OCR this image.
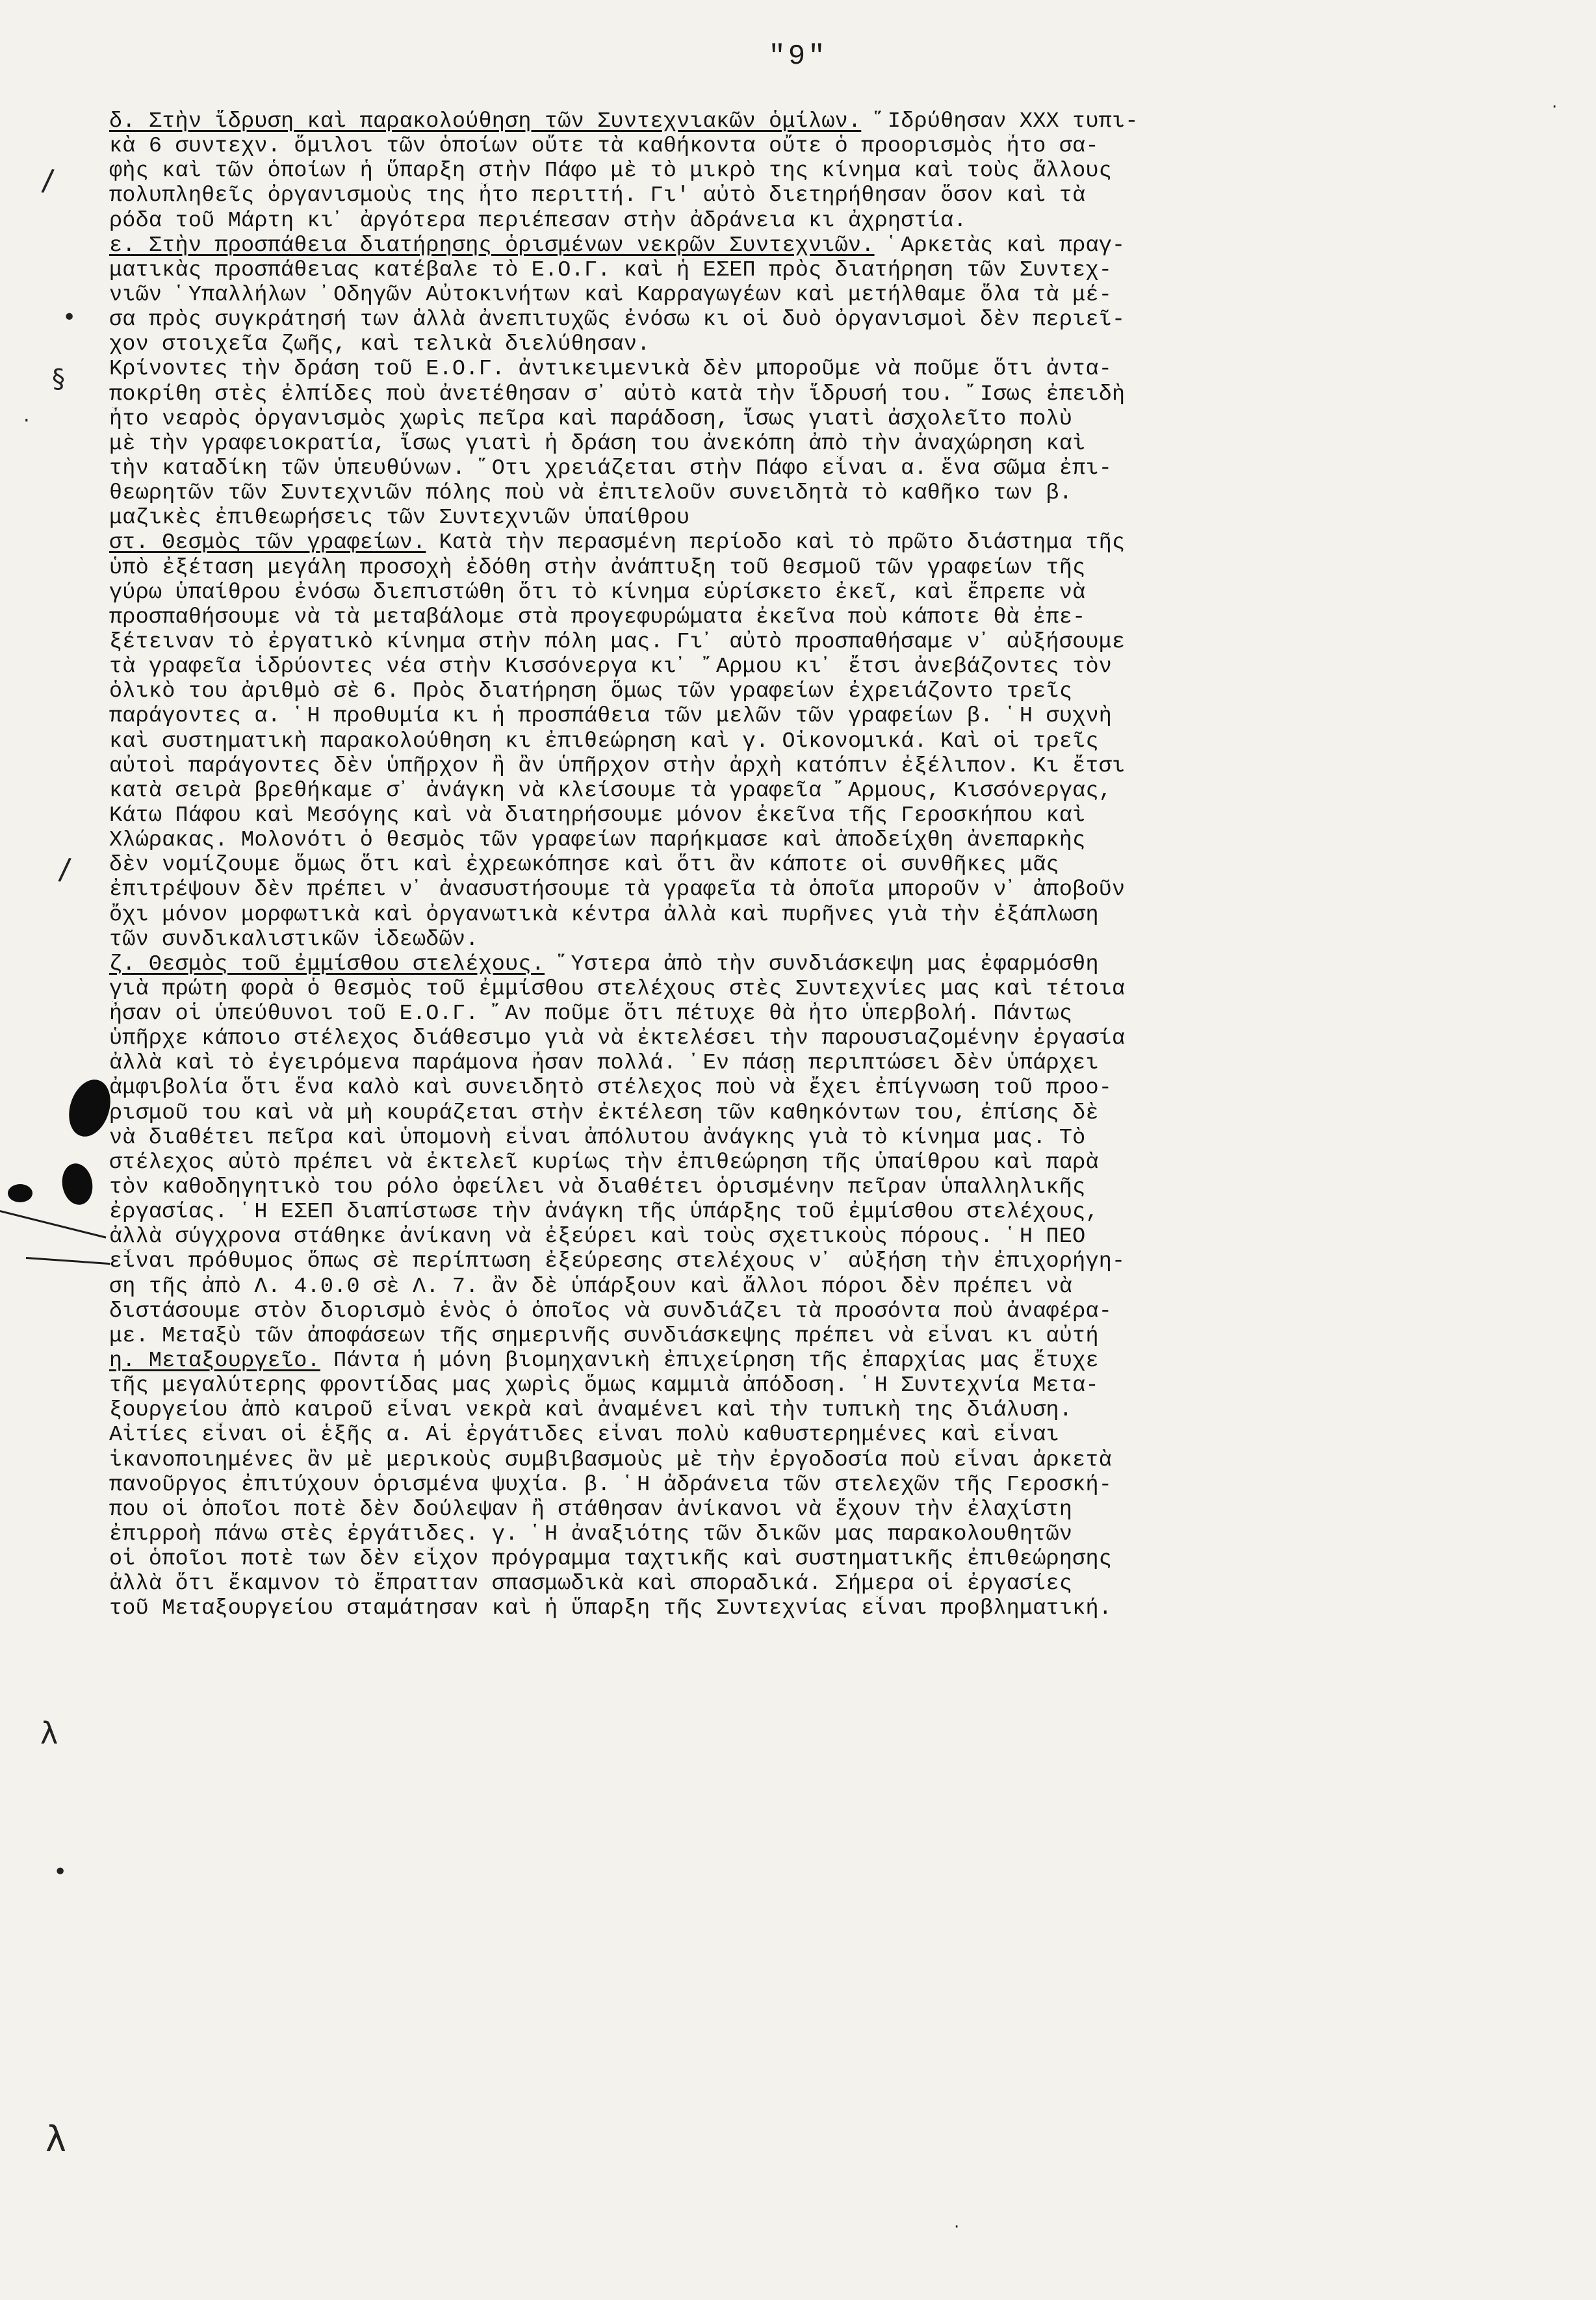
"9"
δ. Στὴν ἵδρυση καὶ παρακολούθηση τῶν Συντεχνιακῶν ὁμίλων. ῞Ιδρύθησαν ΧΧΧ τυπι-
κὰ 6 συντεχν. ὅμιλοι τῶν ὁποίων οὔτε τὰ καθήκοντα οὔτε ὁ προορισμὸς ἦτο σα-
φὴς καὶ τῶν ὁποίων ἡ ὕπαρξη στὴν Πάφο μὲ τὸ μικρὸ της κίνημα καὶ τοὺς ἄλλους
πολυπληθεῖς ὀργανισμοὺς της ἦτο περιττή. Γι' αὐτὸ διετηρήθησαν ὅσον καὶ τὰ
ρόδα τοῦ Μάρτη κι᾽ ἀργότερα περιέπεσαν στὴν ἀδράνεια κι ἀχρηστία.
ε. Στὴν προσπάθεια διατήρησης ὁρισμένων νεκρῶν Συντεχνιῶν. ῾Αρκετὰς καὶ πραγ-
ματικὰς προσπάθειας κατέβαλε τὸ Ε.Ο.Γ. καὶ ἡ ΕΣΕΠ πρὸς διατήρηση τῶν Συντεχ-
νιῶν ῾Υπαλλήλων ᾽Οδηγῶν Αὐτοκινήτων καὶ Καρραγωγέων καὶ μετήλθαμε ὅλα τὰ μέ-
σα πρὸς συγκράτησή των ἀλλὰ ἀνεπιτυχῶς ἐνόσω κι οἱ δυὸ ὀργανισμοὶ δὲν περιεῖ-
χον στοιχεῖα ζωῆς, καὶ τελικὰ διελύθησαν.
Κρίνοντες τὴν δράση τοῦ Ε.Ο.Γ. ἀντικειμενικὰ δὲν μποροῦμε νὰ ποῦμε ὅτι ἀντα-
ποκρίθη στὲς ἐλπίδες ποὺ ἀνετέθησαν σ᾽ αὐτὸ κατὰ τὴν ἵδρυσή του. ῎Ισως ἐπειδὴ
ἦτο νεαρὸς ὀργανισμὸς χωρὶς πεῖρα καὶ παράδοση, ἴσως γιατὶ ἀσχολεῖτο πολὺ
μὲ τὴν γραφειοκρατία, ἴσως γιατὶ ἡ δράση του ἀνεκόπη ἀπὸ τὴν ἀναχώρηση καὶ
τὴν καταδίκη τῶν ὑπευθύνων. ῞Οτι χρειάζεται στὴν Πάφο εἶναι α. ἕνα σῶμα ἐπι-
θεωρητῶν τῶν Συντεχνιῶν πόλης ποὺ νὰ ἐπιτελοῦν συνειδητὰ τὸ καθῆκο των β.
μαζικὲς ἐπιθεωρήσεις τῶν Συντεχνιῶν ὑπαίθρου
στ. Θεσμὸς τῶν γραφείων. Κατὰ τὴν περασμένη περίοδο καὶ τὸ πρῶτο διάστημα τῆς
ὑπὸ ἐξέταση μεγάλη προσοχὴ ἐδόθη στὴν ἀνάπτυξη τοῦ θεσμοῦ τῶν γραφείων τῆς
γύρω ὑπαίθρου ἐνόσω διεπιστώθη ὅτι τὸ κίνημα εὑρίσκετο ἐκεῖ, καὶ ἔπρεπε νὰ
προσπαθήσουμε νὰ τὰ μεταβάλομε στὰ προγεφυρώματα ἐκεῖνα ποὺ κάποτε θὰ ἐπε-
ξέτειναν τὸ ἐργατικὸ κίνημα στὴν πόλη μας. Γι᾽ αὐτὸ προσπαθήσαμε ν᾽ αὐξήσουμε
τὰ γραφεῖα ἱδρύοντες νέα στὴν Κισσόνεργα κι᾽ ῎Αρμου κι᾽ ἔτσι ἀνεβάζοντες τὸν
ὁλικὸ του ἀριθμὸ σὲ 6. Πρὸς διατήρηση ὅμως τῶν γραφείων ἐχρειάζοντο τρεῖς
παράγοντες α. ῾Η προθυμία κι ἡ προσπάθεια τῶν μελῶν τῶν γραφείων β. ῾Η συχνὴ
καὶ συστηματικὴ παρακολούθηση κι ἐπιθεώρηση καὶ γ. Οἰκονομικά. Καὶ οἱ τρεῖς
αὐτοὶ παράγοντες δὲν ὑπῆρχον ἢ ἂν ὑπῆρχον στὴν ἀρχὴ κατόπιν ἐξέλιπον. Κι ἔτσι
κατὰ σειρὰ βρεθήκαμε σ᾽ ἀνάγκη νὰ κλείσουμε τὰ γραφεῖα ῎Αρμους, Κισσόνεργας,
Κάτω Πάφου καὶ Μεσόγης καὶ νὰ διατηρήσουμε μόνον ἐκεῖνα τῆς Γεροσκήπου καὶ
Χλώρακας. Μολονότι ὁ θεσμὸς τῶν γραφείων παρήκμασε καὶ ἀποδείχθη ἀνεπαρκὴς
δὲν νομίζουμε ὅμως ὅτι καὶ ἐχρεωκόπησε καὶ ὅτι ἂν κάποτε οἱ συνθῆκες μᾶς
ἐπιτρέψουν δὲν πρέπει ν᾽ ἀνασυστήσουμε τὰ γραφεῖα τὰ ὁποῖα μποροῦν ν᾽ ἀποβοῦν
ὄχι μόνον μορφωτικὰ καὶ ὀργανωτικὰ κέντρα ἀλλὰ καὶ πυρῆνες γιὰ τὴν ἐξάπλωση
τῶν συνδικαλιστικῶν ἰδεωδῶν.
ζ. Θεσμὸς τοῦ ἐμμίσθου στελέχους. ῞Υστερα ἀπὸ τὴν συνδιάσκεψη μας ἐφαρμόσθη
γιὰ πρώτη φορὰ ὁ θεσμὸς τοῦ ἐμμίσθου στελέχους στὲς Συντεχνίες μας καὶ τέτοια
ἦσαν οἱ ὑπεύθυνοι τοῦ Ε.Ο.Γ. ῎Αν ποῦμε ὅτι πέτυχε θὰ ἦτο ὑπερβολή. Πάντως
ὑπῆρχε κάποιο στέλεχος διάθεσιμο γιὰ νὰ ἐκτελέσει τὴν παρουσιαζομένην ἐργασία
ἀλλὰ καὶ τὸ ἐγειρόμενα παράμονα ἦσαν πολλά. ᾽Εν πάσῃ περιπτώσει δὲν ὑπάρχει
ἀμφιβολία ὅτι ἕνα καλὸ καὶ συνειδητὸ στέλεχος ποὺ νὰ ἔχει ἐπίγνωση τοῦ προο-
ρισμοῦ του καὶ νὰ μὴ κουράζεται στὴν ἐκτέλεση τῶν καθηκόντων του, ἐπίσης δὲ
νὰ διαθέτει πεῖρα καὶ ὑπομονὴ εἶναι ἀπόλυτου ἀνάγκης γιὰ τὸ κίνημα μας. Τὸ
στέλεχος αὐτὸ πρέπει νὰ ἐκτελεῖ κυρίως τὴν ἐπιθεώρηση τῆς ὑπαίθρου καὶ παρὰ
τὸν καθοδηγητικὸ του ρόλο ὀφείλει νὰ διαθέτει ὁρισμένην πεῖραν ὑπαλληλικῆς
ἐργασίας. ῾Η ΕΣΕΠ διαπίστωσε τὴν ἀνάγκη τῆς ὑπάρξης τοῦ ἐμμίσθου στελέχους,
ἀλλὰ σύγχρονα στάθηκε ἀνίκανη νὰ ἐξεύρει καὶ τοὺς σχετικοὺς πόρους. ῾Η ΠΕΟ
εἶναι πρόθυμος ὅπως σὲ περίπτωση ἐξεύρεσης στελέχους ν᾽ αὐξήση τὴν ἐπιχορήγη-
ση τῆς ἀπὸ Λ. 4.0.0 σὲ Λ. 7. ἂν δὲ ὑπάρξουν καὶ ἄλλοι πόροι δὲν πρέπει νὰ
διστάσουμε στὸν διορισμὸ ἑνὸς ὁ ὁποῖος νὰ συνδιάζει τὰ προσόντα ποὺ ἀναφέρα-
με. Μεταξὺ τῶν ἀποφάσεων τῆς σημερινῆς συνδιάσκεψης πρέπει νὰ εἶναι κι αὐτή
η. Μεταξουργεῖο. Πάντα ἡ μόνη βιομηχανικὴ ἐπιχείρηση τῆς ἐπαρχίας μας ἔτυχε
τῆς μεγαλύτερης φροντίδας μας χωρὶς ὅμως καμμιὰ ἀπόδοση. ῾Η Συντεχνία Μετα-
ξουργείου ἀπὸ καιροῦ εἶναι νεκρὰ καὶ ἀναμένει καὶ τὴν τυπικὴ της διάλυση.
Αἰτίες εἶναι οἱ ἑξῆς α. Αἱ ἐργάτιδες εἶναι πολὺ καθυστερημένες καὶ εἶναι
ἱκανοποιημένες ἂν μὲ μερικοὺς συμβιβασμοὺς μὲ τὴν ἐργοδοσία ποὺ εἶναι ἀρκετὰ
πανοῦργος ἐπιτύχουν ὁρισμένα ψυχία. β. ῾Η ἀδράνεια τῶν στελεχῶν τῆς Γεροσκή-
που οἱ ὁποῖοι ποτὲ δὲν δούλεψαν ἢ στάθησαν ἀνίκανοι νὰ ἔχουν τὴν ἐλαχίστη
ἐπιρροὴ πάνω στὲς ἐργάτιδες. γ. ῾Η ἀναξιότης τῶν δικῶν μας παρακολουθητῶν
οἱ ὁποῖοι ποτὲ των δὲν εἶχον πρόγραμμα ταχτικῆς καὶ συστηματικῆς ἐπιθεώρησης
ἀλλὰ ὅτι ἔκαμνον τὸ ἔπρατταν σπασμωδικὰ καὶ σποραδικά. Σήμερα οἱ ἐργασίες
τοῦ Μεταξουργείου σταμάτησαν καὶ ἡ ὕπαρξη τῆς Συντεχνίας εἶναι προβληματική.
/
§
·
•
/
λ
•
λ
·
·
